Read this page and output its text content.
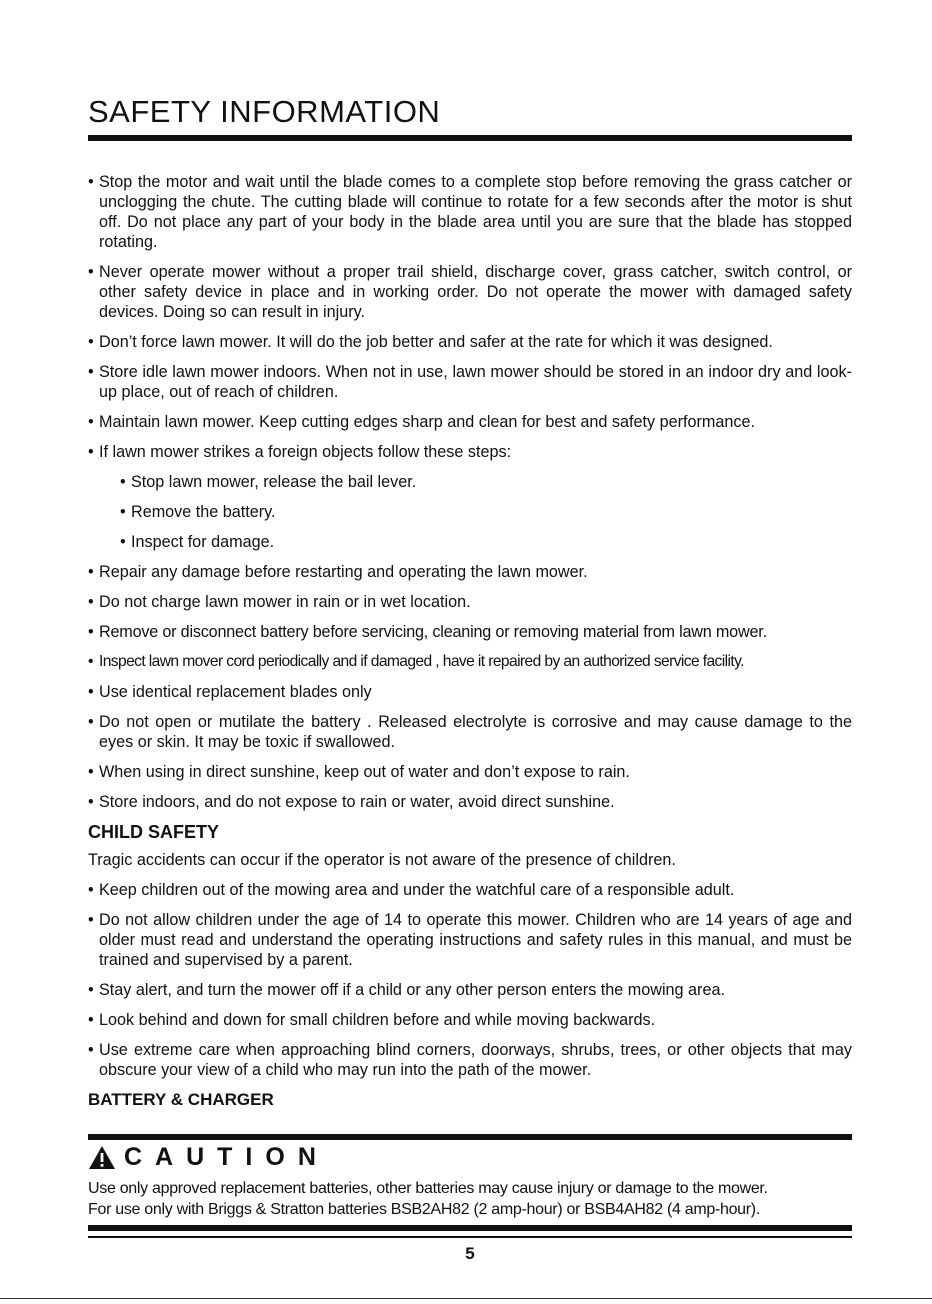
SAFETY INFORMATION
• Stop the motor and wait until the blade comes to a complete stop before removing the grass catcher or unclogging the chute. The cutting blade will continue to rotate for a few seconds after the motor is shut off. Do not place any part of your body in the blade area until you are sure that the blade has stopped rotating.
• Never operate mower without a proper trail shield, discharge cover, grass catcher, switch control, or other safety device in place and in working order. Do not operate the mower with damaged safety devices. Doing so can result in injury.
• Don’t force lawn mower. It will do the job better and safer at the rate for which it was designed.
• Store idle lawn mower indoors. When not in use, lawn mower should be stored in an indoor dry and look-up place, out of reach of children.
• Maintain lawn mower. Keep cutting edges sharp and clean for best and safety performance.
• If lawn mower strikes a foreign objects follow these steps:
• Stop lawn mower, release the bail lever.
• Remove the battery.
• Inspect for damage.
• Repair any damage before restarting and operating the lawn mower.
• Do not charge lawn mower in rain or in wet location.
• Remove or disconnect battery before servicing, cleaning or removing material from lawn mower.
• Inspect lawn mover cord periodically and if damaged , have it repaired by an authorized service facility.
• Use identical replacement blades only
• Do not open or mutilate the battery . Released electrolyte is corrosive and may cause damage to the eyes or skin. It may be toxic if swallowed.
• When using in direct sunshine, keep out of water and don’t expose to rain.
• Store indoors, and do not expose to rain or water, avoid direct sunshine.
CHILD SAFETY
Tragic accidents can occur if the operator is not aware of the presence of children.
• Keep children out of the mowing area and under the watchful care of a responsible adult.
• Do not allow children under the age of 14 to operate this mower. Children who are 14 years of age and older must read and understand the operating instructions and safety rules in this manual, and must be trained and supervised by a parent.
• Stay alert, and turn the mower off if a child or any other person enters the mowing area.
• Look behind and down for small children before and while moving backwards.
• Use extreme care when approaching blind corners, doorways, shrubs, trees, or other objects that may obscure your view of a child who may run into the path of the mower.
BATTERY & CHARGER
CAUTION
Use only approved replacement batteries, other batteries may cause injury or damage to the mower.
For use only with Briggs & Stratton batteries BSB2AH82 (2 amp-hour) or BSB4AH82 (4 amp-hour).
5
